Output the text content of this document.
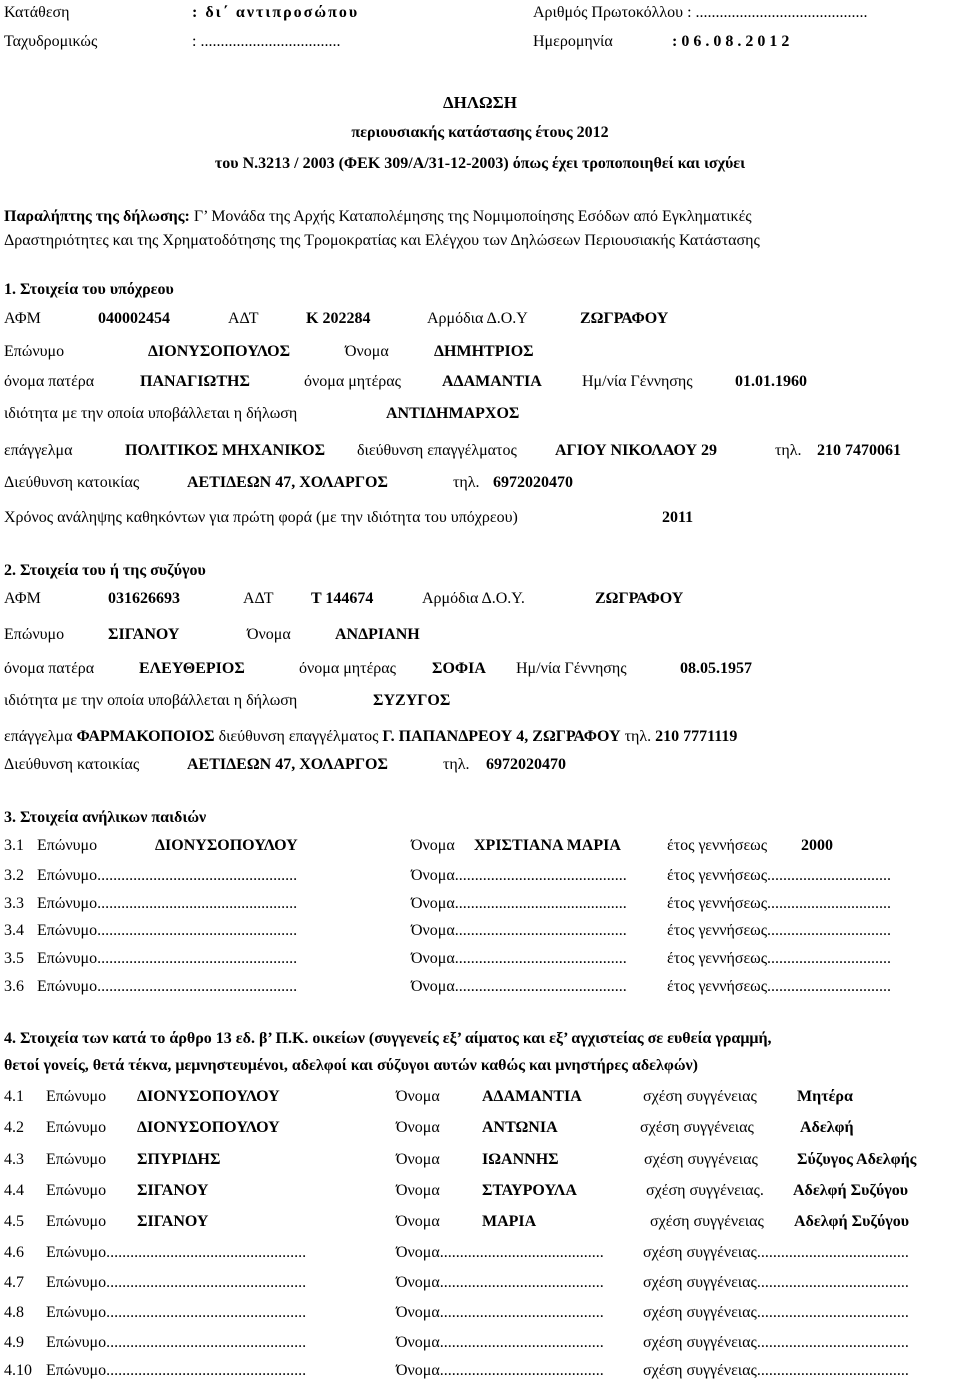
Κατάθεση	: δι΄ αντιπροσώπου	Αριθμός Πρωτοκόλλου : ...........................................
Ταχυδρομικώς	: ...................................	Ημερομηνία	: 0 6 . 0 8 . 2 0 1 2
ΔΗΛΩΣΗ
περιουσιακής κατάστασης έτους 2012
του Ν.3213 / 2003 (ΦΕΚ 309/Α/31-12-2003) όπως έχει τροποποιηθεί και ισχύει
Παραλήπτης της δήλωσης: Γ’ Μονάδα της Αρχής Καταπολέμησης της Νομιμοποίησης Εσόδων από Εγκληματικές
Δραστηριότητες και της Χρηματοδότησης της Τρομοκρατίας και Ελέγχου των Δηλώσεων Περιουσιακής Κατάστασης
1. Στοιχεία του υπόχρεου
ΑΦΜ	040002454	ΑΔΤ	Κ 202284	Αρμόδια Δ.Ο.Υ	ΖΩΓΡΑΦΟΥ
Επώνυμο	ΔΙΟΝΥΣΟΠΟΥΛΟΣ	Όνομα	ΔΗΜΗΤΡΙΟΣ
όνομα πατέρα	ΠΑΝΑΓΙΩΤΗΣ	όνομα μητέρας	ΑΔΑΜΑΝΤΙΑ	Ημ/νία Γέννησης	01.01.1960
ιδιότητα με την οποία υποβάλλεται η δήλωση	ΑΝΤΙΔΗΜΑΡΧΟΣ
επάγγελμα	ΠΟΛΙΤΙΚΟΣ ΜΗΧΑΝΙΚΟΣ διεύθυνση επαγγέλματος ΑΓΙΟΥ ΝΙΚΟΛΑΟΥ 29	τηλ. 210 7470061
Διεύθυνση κατοικίας	ΑΕΤΙΔΕΩΝ 47, ΧΟΛΑΡΓΟΣ	τηλ. 6972020470
Χρόνος ανάληψης καθηκόντων για πρώτη φορά (με την ιδιότητα του υπόχρεου)	2011
2. Στοιχεία του ή της συζύγου
ΑΦΜ	031626693	ΑΔΤ Τ 144674	Αρμόδια Δ.Ο.Υ.	ΖΩΓΡΑΦΟΥ
Επώνυμο	ΣΙΓΑΝΟΥ	Όνομα	ΑΝΔΡΙΑΝΗ
όνομα πατέρα	ΕΛΕΥΘΕΡΙΟΣ	όνομα μητέρας ΣΟΦΙΑ Ημ/νία Γέννησης	08.05.1957
ιδιότητα με την οποία υποβάλλεται η δήλωση	ΣΥΖΥΓΟΣ
επάγγελμα ΦΑΡΜΑΚΟΠΟΙΟΣ διεύθυνση επαγγέλματος Γ. ΠΑΠΑΝΔΡΕΟΥ 4, ΖΩΓΡΑΦΟΥ τηλ. 210 7771119
Διεύθυνση κατοικίας	ΑΕΤΙΔΕΩΝ 47, ΧΟΛΑΡΓΟΣ	τηλ. 6972020470
3. Στοιχεία ανήλικων παιδιών
3.1 Επώνυμο	ΔΙΟΝΥΣΟΠΟΥΛΟΥ	Όνομα ΧΡΙΣΤΙΑΝΑ ΜΑΡΙΑ	έτος γεννήσεως 2000
3.2 Επώνυμο..................................................	Όνομα...........................................	έτος γεννήσεως...............................
3.3 Επώνυμο..................................................	Όνομα...........................................	έτος γεννήσεως...............................
3.4 Επώνυμο..................................................	Όνομα...........................................	έτος γεννήσεως...............................
3.5 Επώνυμο..................................................	Όνομα...........................................	έτος γεννήσεως...............................
3.6 Επώνυμο..................................................	Όνομα...........................................	έτος γεννήσεως...............................
4. Στοιχεία των κατά το άρθρο 13 εδ. β’ Π.Κ. οικείων (συγγενείς εξ’ αίματος και εξ’ αγχιστείας σε ευθεία γραμμή,
θετοί γονείς, θετά τέκνα, μεμνηστευμένοι, αδελφοί και σύζυγοι αυτών καθώς και μνηστήρες αδελφών)
4.1 Επώνυμο ΔΙΟΝΥΣΟΠΟΥΛΟΥ	Όνομα	ΑΔΑΜΑΝΤΙΑ	σχέση συγγένειας	Μητέρα
4.2 Επώνυμο ΔΙΟΝΥΣΟΠΟΥΛΟΥ	Όνομα	ΑΝΤΩΝΙΑ	σχέση συγγένειας	Αδελφή
4.3 Επώνυμο ΣΠΥΡΙΔΗΣ	Όνομα	ΙΩΑΝΝΗΣ	σχέση συγγένειας Σύζυγος Αδελφής
4.4 Επώνυμο ΣΙΓΑΝΟΥ	Όνομα	ΣΤΑΥΡΟΥΛΑ	σχέση συγγένειας. Αδελφή Συζύγου
4.5 Επώνυμο ΣΙΓΑΝΟΥ	Όνομα	ΜΑΡΙΑ	σχέση συγγένειας Αδελφή Συζύγου
4.6 Επώνυμο..................................................	Όνομα......................................... σχέση συγγένειας......................................
4.7 Επώνυμο..................................................	Όνομα......................................... σχέση συγγένειας......................................
4.8 Επώνυμο..................................................	Όνομα......................................... σχέση συγγένειας......................................
4.9 Επώνυμο..................................................	Όνομα......................................... σχέση συγγένειας......................................
4.10 Επώνυμο..................................................	Όνομα......................................... σχέση συγγένειας......................................
